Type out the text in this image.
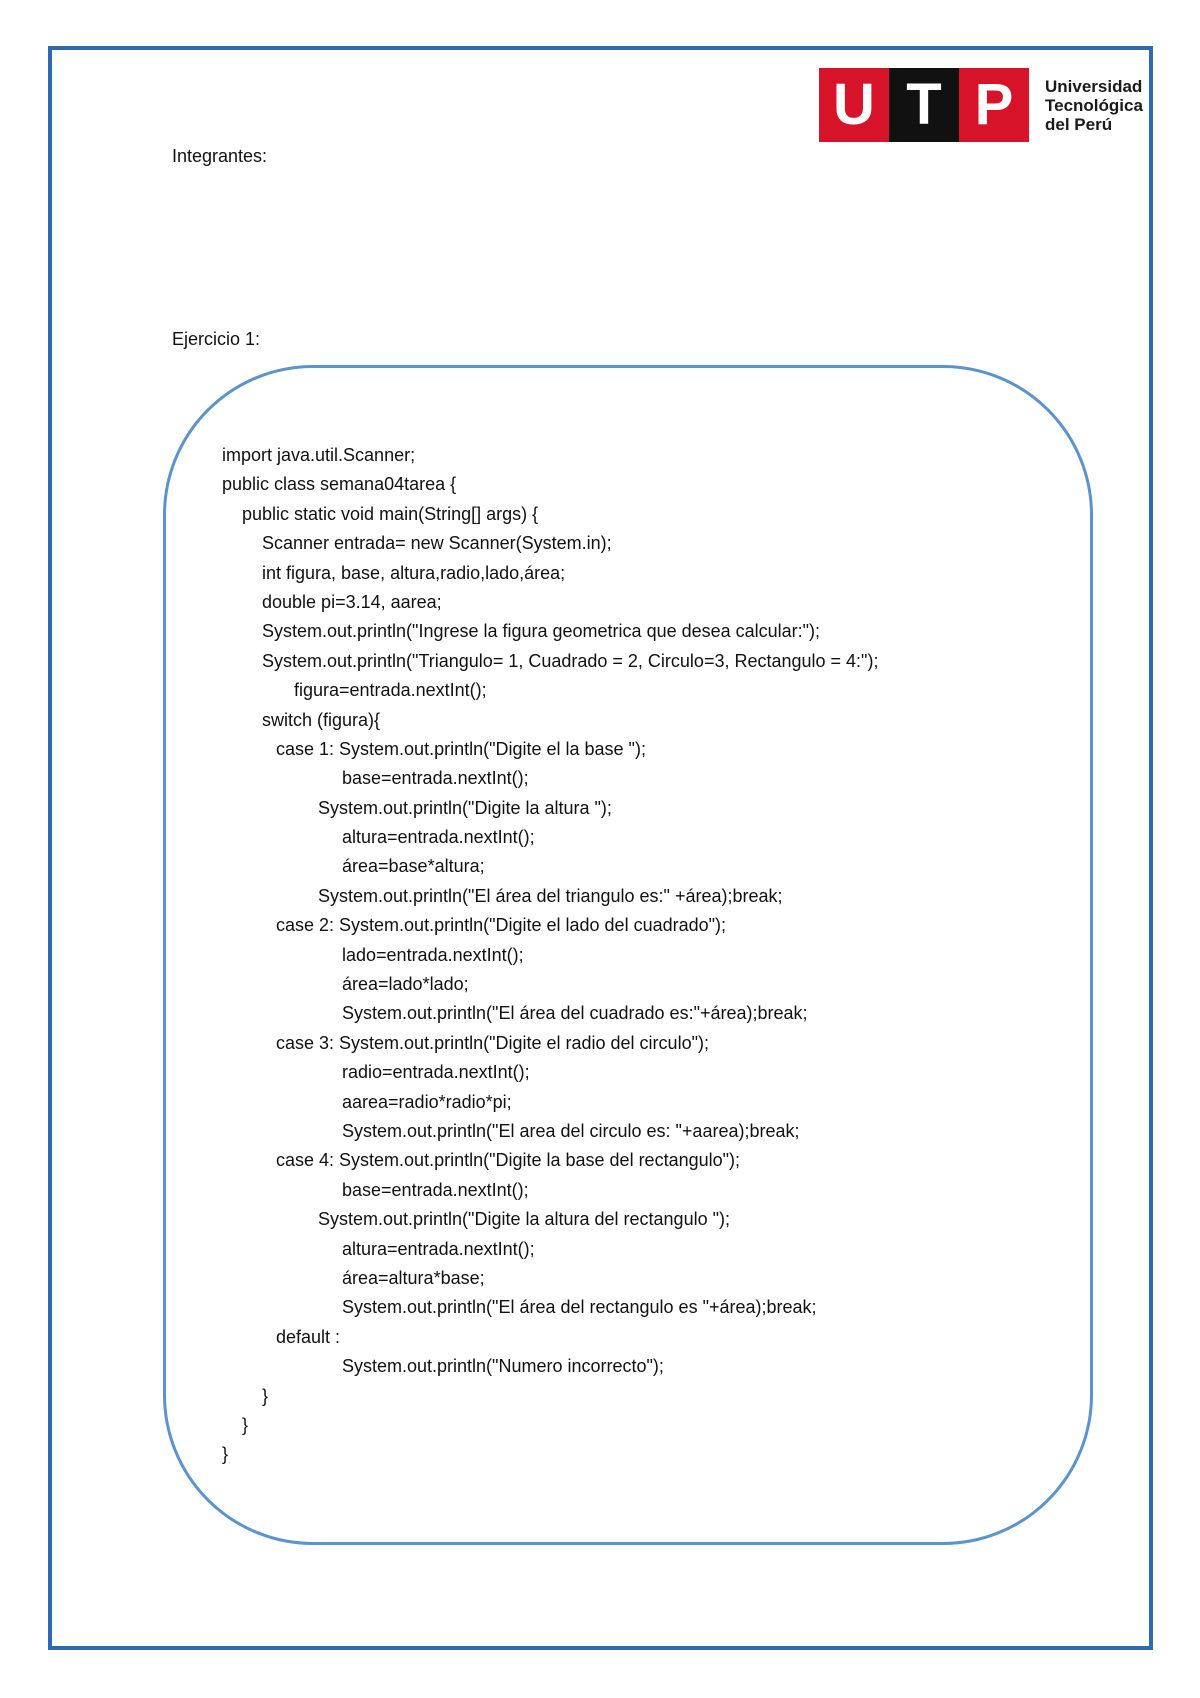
U T P	Universidad
Tecnológica
del Perú
Integrantes:
Ejercicio 1:
import java.util.Scanner;
public class semana04tarea {
public static void main(String[] args) {
Scanner entrada= new Scanner(System.in);
int figura, base, altura,radio,lado,área;
double pi=3.14, aarea;
System.out.println("Ingrese la figura geometrica que desea calcular:");
System.out.println("Triangulo= 1, Cuadrado = 2, Circulo=3, Rectangulo = 4:");
figura=entrada.nextInt();
switch (figura){
case 1: System.out.println("Digite el la base ");
base=entrada.nextInt();
System.out.println("Digite la altura ");
altura=entrada.nextInt();
área=base*altura;
System.out.println("El área del triangulo es:" +área);break;
case 2: System.out.println("Digite el lado del cuadrado");
lado=entrada.nextInt();
área=lado*lado;
System.out.println("El área del cuadrado es:"+área);break;
case 3: System.out.println("Digite el radio del circulo");
radio=entrada.nextInt();
aarea=radio*radio*pi;
System.out.println("El area del circulo es: "+aarea);break;
case 4: System.out.println("Digite la base del rectangulo");
base=entrada.nextInt();
System.out.println("Digite la altura del rectangulo ");
altura=entrada.nextInt();
área=altura*base;
System.out.println("El área del rectangulo es "+área);break;
default :
System.out.println("Numero incorrecto");
}
}
}
